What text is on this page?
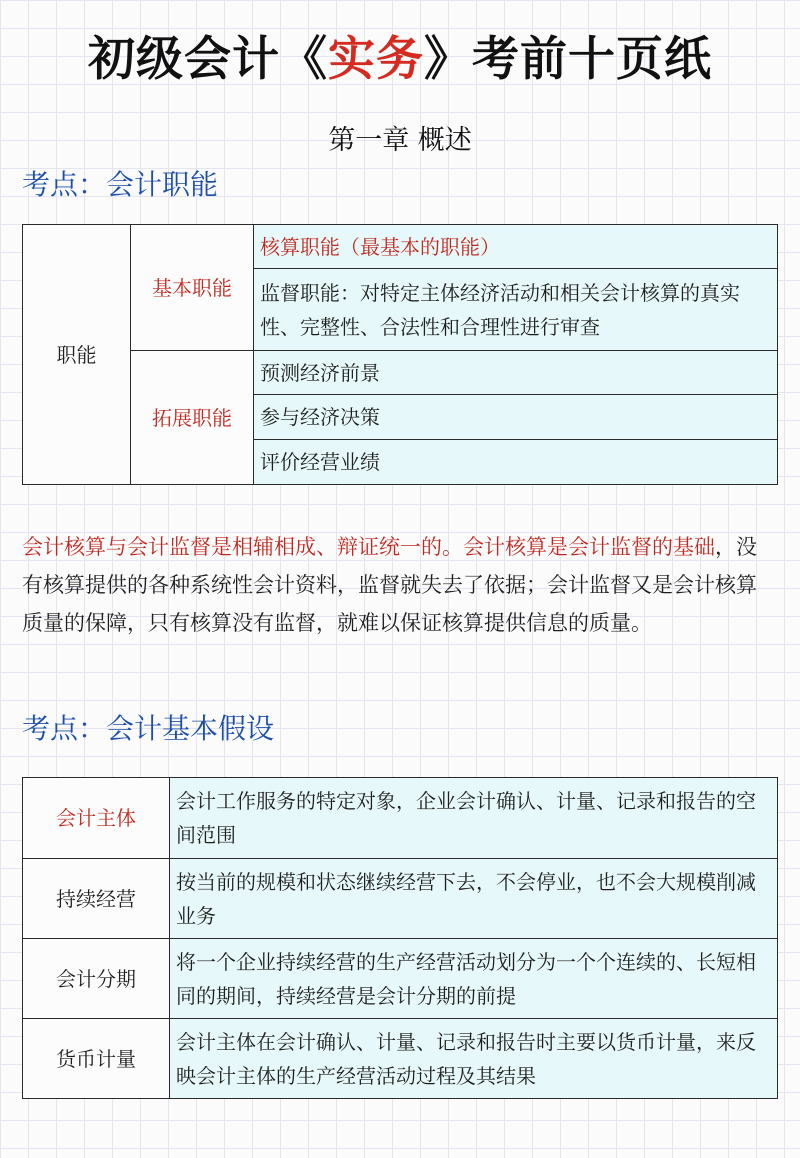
初级会计《实务》考前十页纸
第一章 概述
考点：会计职能
职能	基本职能	核算职能（最基本的职能）
		监督职能：对特定主体经济活动和相关会计核算的真实性、完整性、合法性和合理性进行审查
	拓展职能	预测经济前景
		参与经济决策
		评价经营业绩
会计核算与会计监督是相辅相成、辩证统一的。会计核算是会计监督的基础，没有核算提供的各种系统性会计资料，监督就失去了依据；会计监督又是会计核算质量的保障，只有核算没有监督，就难以保证核算提供信息的质量。
考点：会计基本假设
会计主体	会计工作服务的特定对象，企业会计确认、计量、记录和报告的空间范围
持续经营	按当前的规模和状态继续经营下去，不会停业，也不会大规模削减业务
会计分期	将一个企业持续经营的生产经营活动划分为一个个连续的、长短相同的期间，持续经营是会计分期的前提
货币计量	会计主体在会计确认、计量、记录和报告时主要以货币计量，来反映会计主体的生产经营活动过程及其结果
